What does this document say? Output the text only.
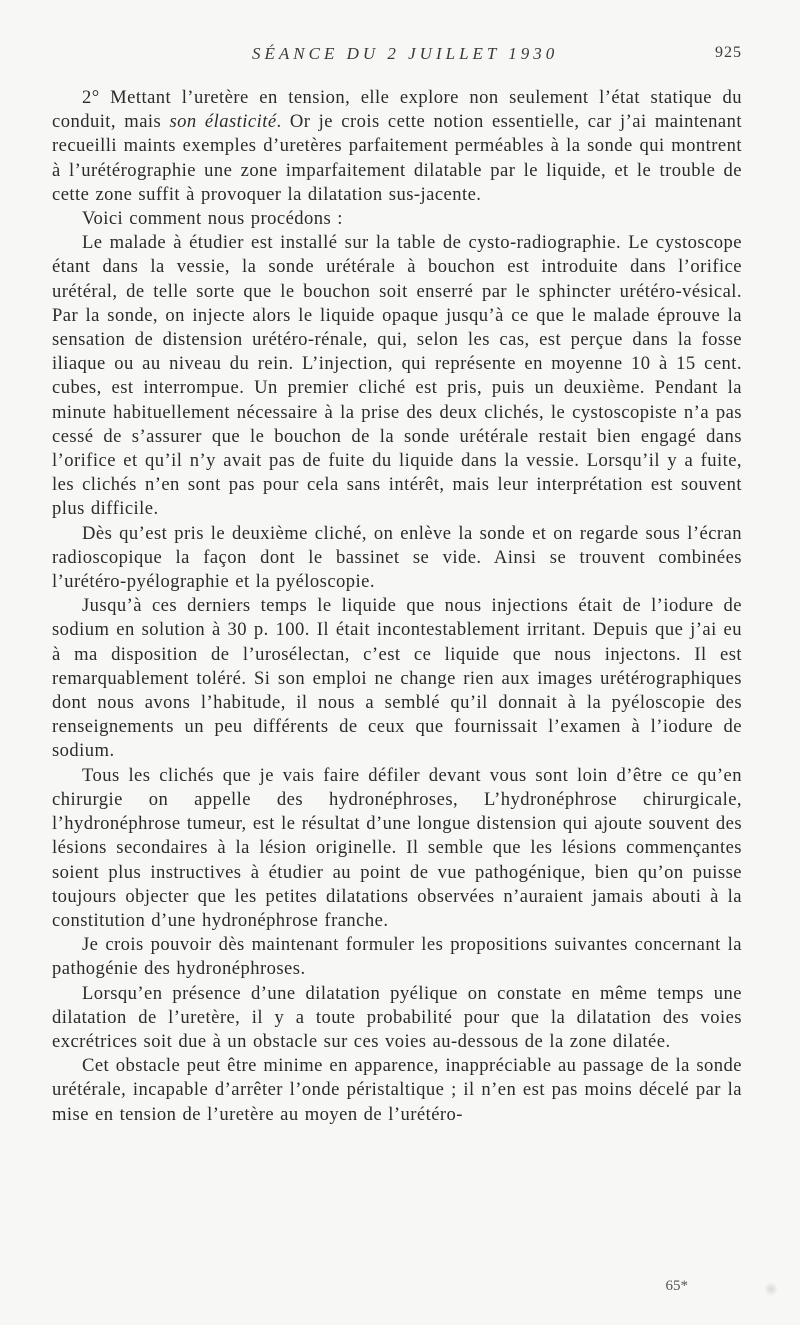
SÉANCE DU 2 JUILLET 1930	925

2° Mettant l’uretère en tension, elle explore non seulement l’état statique du conduit, mais son élasticité. Or je crois cette notion essentielle, car j’ai maintenant recueilli maints exemples d’uretères parfaitement perméables à la sonde qui montrent à l’urétérographie une zone imparfaitement dilatable par le liquide, et le trouble de cette zone suffit à provoquer la dilatation sus-jacente.

Voici comment nous procédons :

Le malade à étudier est installé sur la table de cysto-radiographie. Le cystoscope étant dans la vessie, la sonde urétérale à bouchon est introduite dans l’orifice urétéral, de telle sorte que le bouchon soit enserré par le sphincter urétéro-vésical. Par la sonde, on injecte alors le liquide opaque jusqu’à ce que le malade éprouve la sensation de distension urétéro-rénale, qui, selon les cas, est perçue dans la fosse iliaque ou au niveau du rein. L’injection, qui représente en moyenne 10 à 15 cent. cubes, est interrompue. Un premier cliché est pris, puis un deuxième. Pendant la minute habituellement nécessaire à la prise des deux clichés, le cystoscopiste n’a pas cessé de s’assurer que le bouchon de la sonde urétérale restait bien engagé dans l’orifice et qu’il n’y avait pas de fuite du liquide dans la vessie. Lorsqu’il y a fuite, les clichés n’en sont pas pour cela sans intérêt, mais leur interprétation est souvent plus difficile.

Dès qu’est pris le deuxième cliché, on enlève la sonde et on regarde sous l’écran radioscopique la façon dont le bassinet se vide. Ainsi se trouvent combinées l’urétéro-pyélographie et la pyéloscopie.

Jusqu’à ces derniers temps le liquide que nous injections était de l’iodure de sodium en solution à 30 p. 100. Il était incontestablement irritant. Depuis que j’ai eu à ma disposition de l’urosélectan, c’est ce liquide que nous injectons. Il est remarquablement toléré. Si son emploi ne change rien aux images urétérographiques dont nous avons l’habitude, il nous a semblé qu’il donnait à la pyéloscopie des renseignements un peu différents de ceux que fournissait l’examen à l’iodure de sodium.

Tous les clichés que je vais faire défiler devant vous sont loin d’être ce qu’en chirurgie on appelle des hydronéphroses, L’hydronéphrose chirurgicale, l’hydronéphrose tumeur, est le résultat d’une longue distension qui ajoute souvent des lésions secondaires à la lésion originelle. Il semble que les lésions commençantes soient plus instructives à étudier au point de vue pathogénique, bien qu’on puisse toujours objecter que les petites dilatations observées n’auraient jamais abouti à la constitution d’une hydronéphrose franche.

Je crois pouvoir dès maintenant formuler les propositions suivantes concernant la pathogénie des hydronéphroses.

Lorsqu’en présence d’une dilatation pyélique on constate en même temps une dilatation de l’uretère, il y a toute probabilité pour que la dilatation des voies excrétrices soit due à un obstacle sur ces voies au-dessous de la zone dilatée.

Cet obstacle peut être minime en apparence, inappréciable au passage de la sonde urétérale, incapable d’arrêter l’onde péristaltique ; il n’en est pas moins décelé par la mise en tension de l’uretère au moyen de l’urétéro-

65*
